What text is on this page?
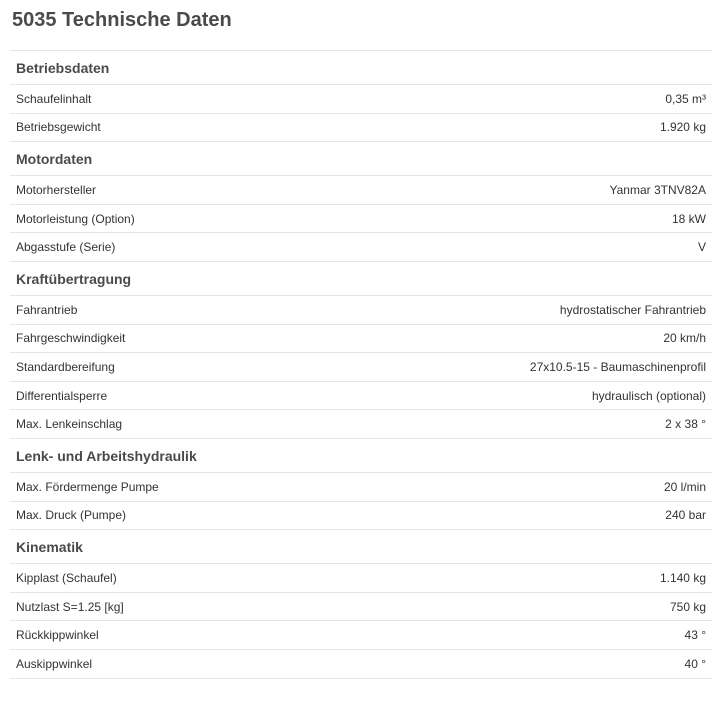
5035 Technische Daten
Betriebsdaten
Schaufelinhalt	0,35 m³
Betriebsgewicht	1.920 kg
Motordaten
Motorhersteller	Yanmar 3TNV82A
Motorleistung (Option)	18 kW
Abgasstufe (Serie)	V
Kraftübertragung
Fahrantrieb	hydrostatischer Fahrantrieb
Fahrgeschwindigkeit	20 km/h
Standardbereifung	27x10.5-15 - Baumaschinenprofil
Differentialsperre	hydraulisch (optional)
Max. Lenkeinschlag	2 x 38 °
Lenk- und Arbeitshydraulik
Max. Fördermenge Pumpe	20 l/min
Max. Druck (Pumpe)	240 bar
Kinematik
Kipplast (Schaufel)	1.140 kg
Nutzlast S=1.25 [kg]	750 kg
Rückkippwinkel	43 °
Auskippwinkel	40 °
